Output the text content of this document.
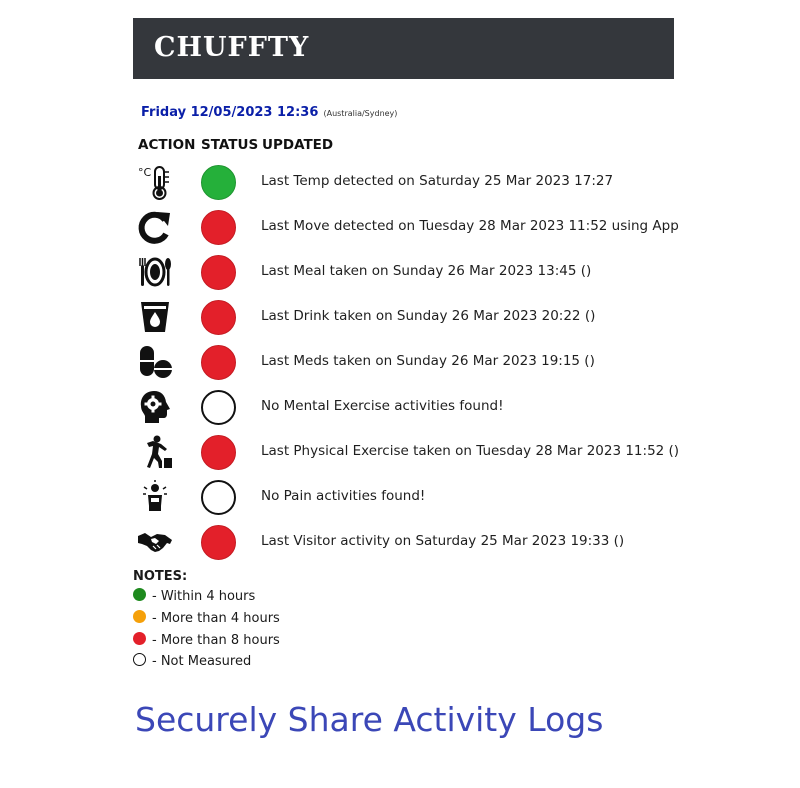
CHUFFTY
Friday 12/05/2023 12:36 (Australia/Sydney)
ACTION STATUS UPDATED
°C
Last Temp detected on Saturday 25 Mar 2023 17:27
Last Move detected on Tuesday 28 Mar 2023 11:52 using App
Last Meal taken on Sunday 26 Mar 2023 13:45 ()
Last Drink taken on Sunday 26 Mar 2023 20:22 ()
Last Meds taken on Sunday 26 Mar 2023 19:15 ()
No Mental Exercise activities found!
Last Physical Exercise taken on Tuesday 28 Mar 2023 11:52 ()
No Pain activities found!
Last Visitor activity on Saturday 25 Mar 2023 19:33 ()
NOTES:
- Within 4 hours
- More than 4 hours
- More than 8 hours
- Not Measured
Securely Share Activity Logs
